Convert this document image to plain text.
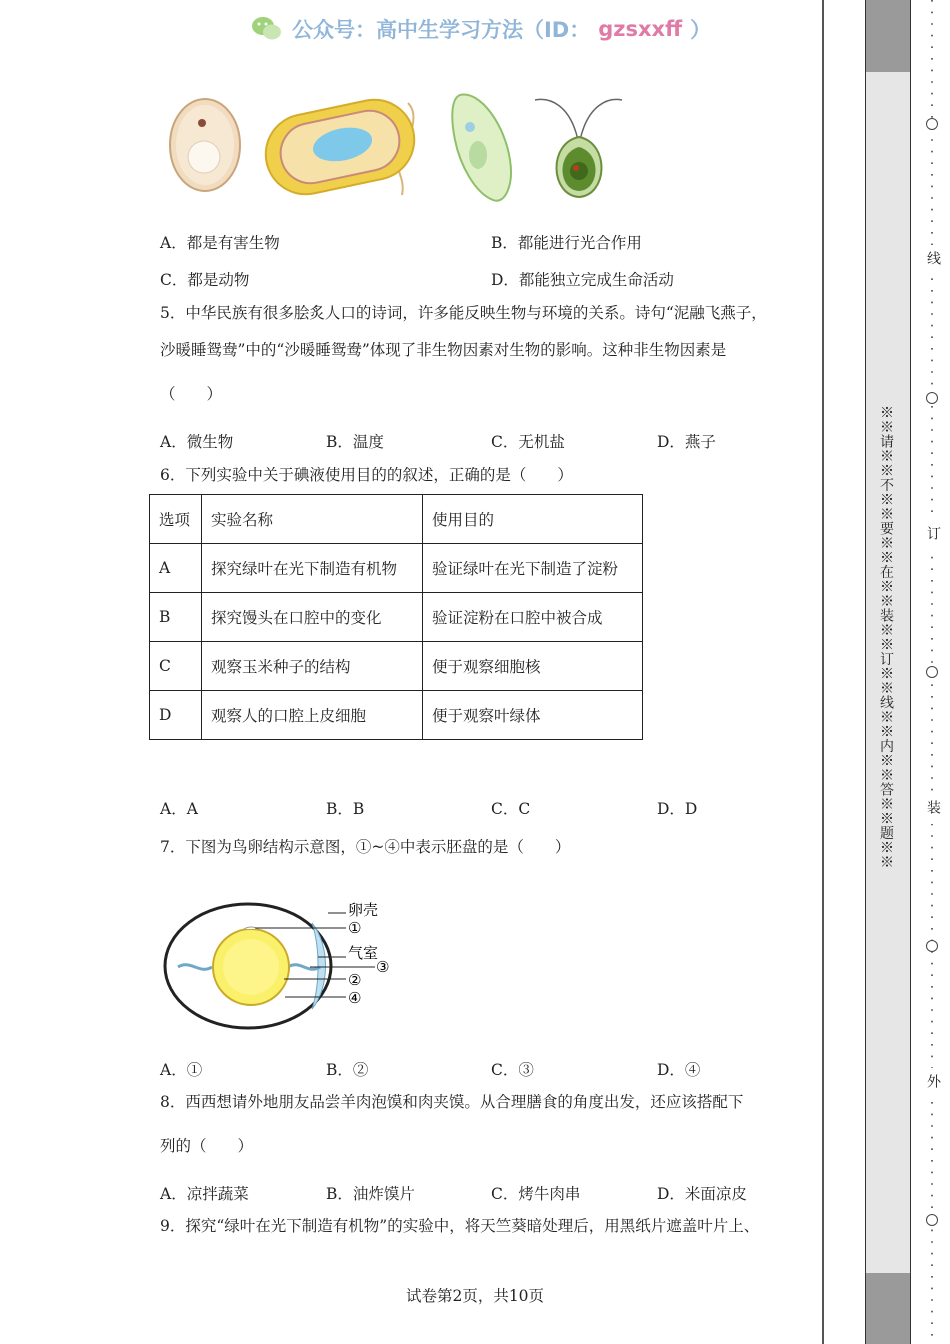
公众号：高中生学习方法（ID： gzsxxff ）
A．都是有害生物	B．都能进行光合作用
C．都是动物	D．都能独立完成生命活动
5．中华民族有很多脍炙人口的诗词，许多能反映生物与环境的关系。诗句“泥融飞燕子，
沙暖睡鸳鸯”中的“沙暖睡鸳鸯”体现了非生物因素对生物的影响。这种非生物因素是
（　　）
A．微生物	B．温度	C．无机盐	D．燕子
6．下列实验中关于碘液使用目的的叙述，正确的是（　　）
选项	实验名称	使用目的
A	探究绿叶在光下制造有机物	验证绿叶在光下制造了淀粉
B	探究馒头在口腔中的变化	验证淀粉在口腔中被合成
C	观察玉米种子的结构	便于观察细胞核
D	观察人的口腔上皮细胞	便于观察叶绿体
A．A	B．B	C．C	D．D
7．下图为鸟卵结构示意图，①~④中表示胚盘的是（　　）
卵壳
①
气室
③
②
④
A．①	B．②	C．③	D．④
8．西西想请外地朋友品尝羊肉泡馍和肉夹馍。从合理膳食的角度出发，还应该搭配下
列的（　　）
A．凉拌蔬菜	B．油炸馍片	C．烤牛肉串	D．米面凉皮
9．探究“绿叶在光下制造有机物”的实验中，将天竺葵暗处理后，用黑纸片遮盖叶片上、
试卷第2页，共10页
※※请※※不※※要※※在※※装※※订※※线※※内※※答※※题※※
线
订
装
外
